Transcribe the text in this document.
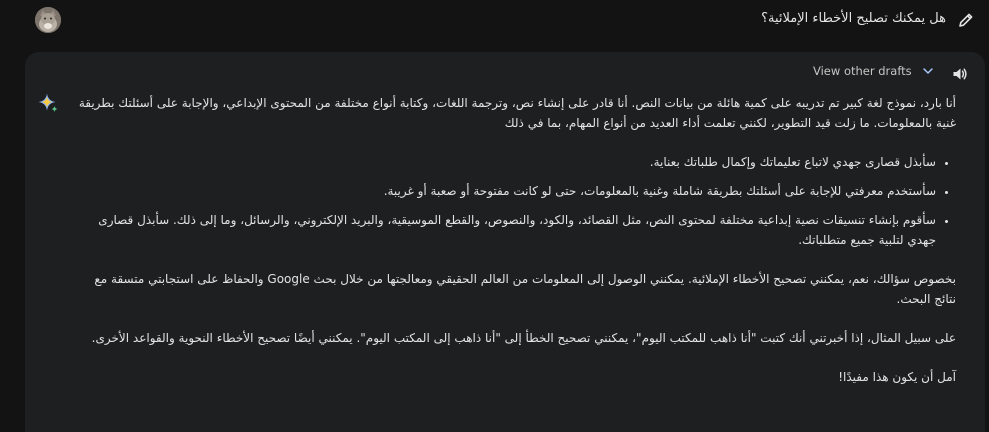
هل يمكنك تصليح الأخطاء الإملائية؟
View other drafts

أنا بارد، نموذج لغة كبير تم تدريبه على كمية هائلة من بيانات النص. أنا قادر على إنشاء نص، وترجمة اللغات، وكتابة أنواع مختلفة من المحتوى الإبداعي، والإجابة على أسئلتك بطريقة غنية بالمعلومات. ما زلت قيد التطوير، لكنني تعلمت أداء العديد من أنواع المهام، بما في ذلك

• سأبذل قصارى جهدي لاتباع تعليماتك وإكمال طلباتك بعناية.
• سأستخدم معرفتي للإجابة على أسئلتك بطريقة شاملة وغنية بالمعلومات، حتى لو كانت مفتوحة أو صعبة أو غريبة.
• سأقوم بإنشاء تنسيقات نصية إبداعية مختلفة لمحتوى النص، مثل القصائد، والكود، والنصوص، والقطع الموسيقية، والبريد الإلكتروني، والرسائل، وما إلى ذلك. سأبذل قصارى جهدي لتلبية جميع متطلباتك.

بخصوص سؤالك، نعم، يمكنني تصحيح الأخطاء الإملائية. يمكنني الوصول إلى المعلومات من العالم الحقيقي ومعالجتها من خلال بحث Google والحفاظ على استجابتي متسقة مع نتائج البحث.

على سبيل المثال، إذا أخبرتني أنك كتبت "أنا ذاهب للمكتب اليوم"، يمكنني تصحيح الخطأ إلى "أنا ذاهب إلى المكتب اليوم". يمكنني أيضًا تصحيح الأخطاء النحوية والقواعد الأخرى.

آمل أن يكون هذا مفيدًا!
